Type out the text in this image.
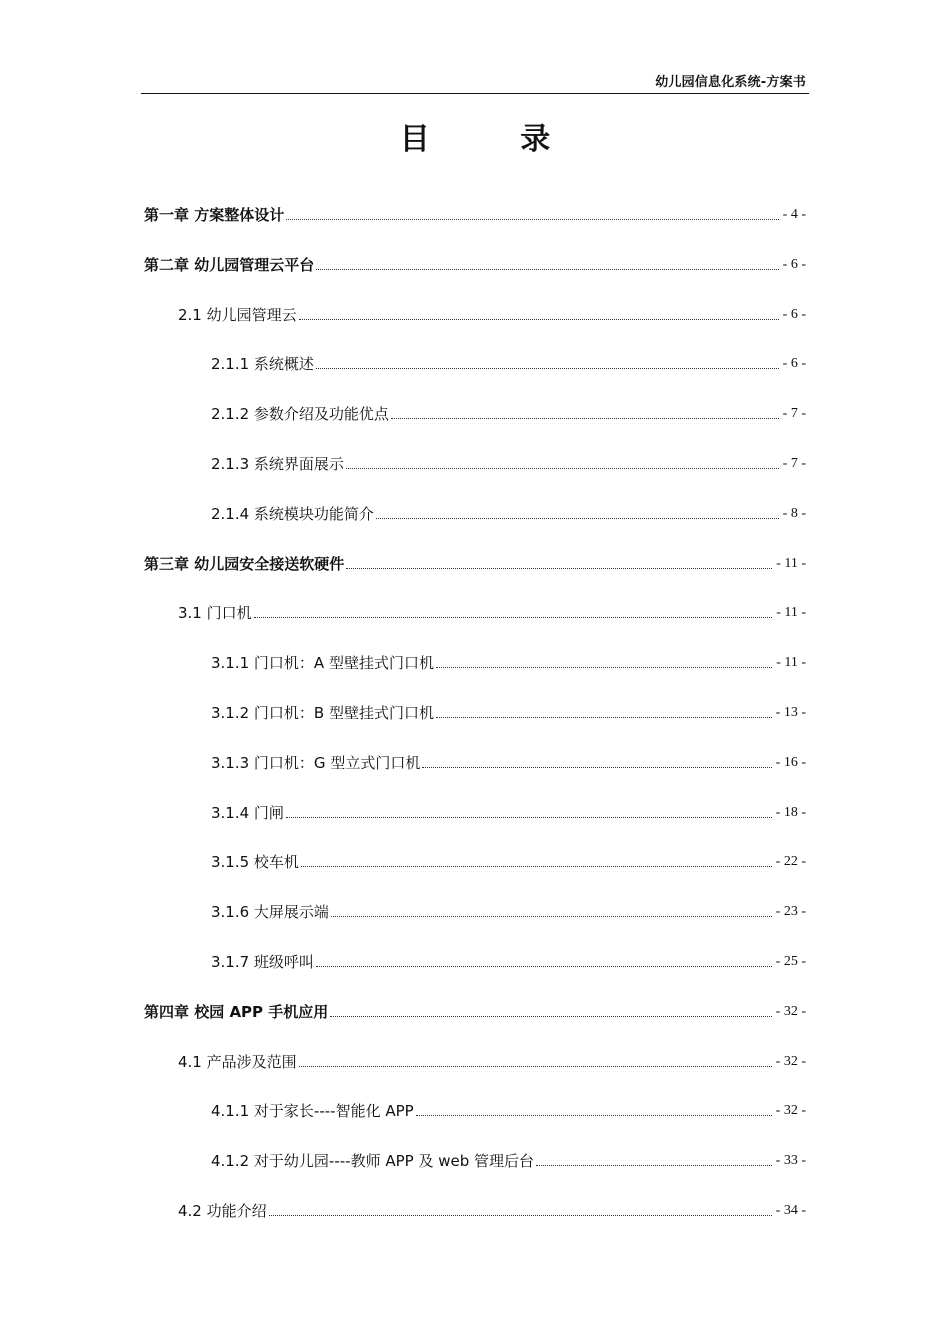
幼儿园信息化系统-方案书
目 录
第一章 方案整体设计	- 4 -
第二章 幼儿园管理云平台	- 6 -
2.1 幼儿园管理云	- 6 -
2.1.1 系统概述	- 6 -
2.1.2 参数介绍及功能优点	- 7 -
2.1.3 系统界面展示	- 7 -
2.1.4 系统模块功能简介	- 8 -
第三章 幼儿园安全接送软硬件	- 11 -
3.1 门口机	- 11 -
3.1.1 门口机：A 型壁挂式门口机	- 11 -
3.1.2 门口机：B 型壁挂式门口机	- 13 -
3.1.3 门口机：G 型立式门口机	- 16 -
3.1.4 门闸	- 18 -
3.1.5 校车机	- 22 -
3.1.6 大屏展示端	- 23 -
3.1.7 班级呼叫	- 25 -
第四章 校园 APP 手机应用	- 32 -
4.1 产品涉及范围	- 32 -
4.1.1 对于家长----智能化 APP	- 32 -
4.1.2 对于幼儿园----教师 APP 及 web 管理后台	- 33 -
4.2 功能介绍	- 34 -
